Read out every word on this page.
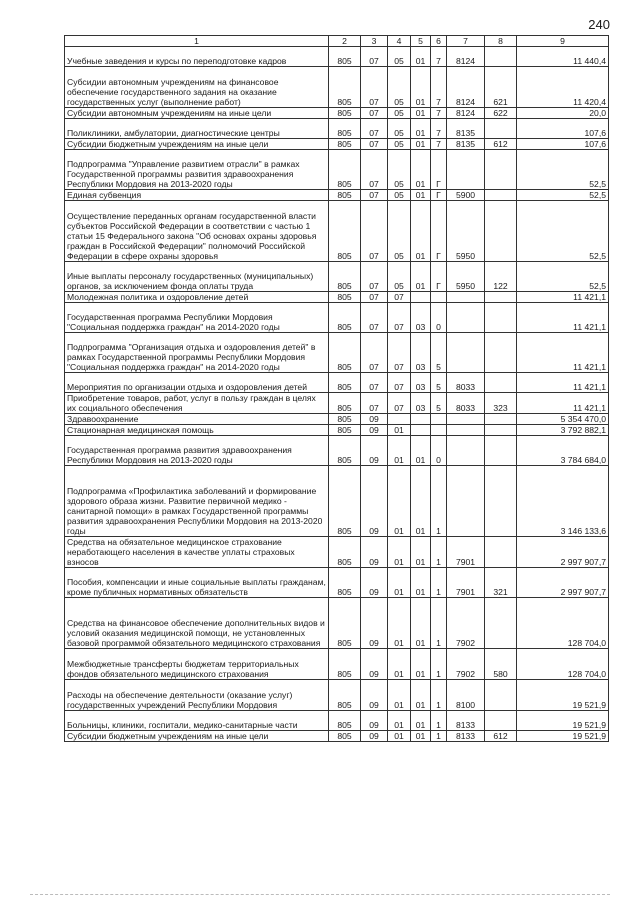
240
1	2	3	4	5	6	7	8	9
Учебные заведения и курсы по переподготовке кадров	805	07	05	01	7	8124		11 440,4
Субсидии автономным учреждениям на финансовое обеспечение государственного задания на оказание государственных услуг (выполнение работ)	805	07	05	01	7	8124	621	11 420,4
Субсидии автономным учреждениям на иные цели	805	07	05	01	7	8124	622	20,0
Поликлиники, амбулатории, диагностические центры	805	07	05	01	7	8135		107,6
Субсидии бюджетным учреждениям на иные цели	805	07	05	01	7	8135	612	107,6
Подпрограмма "Управление развитием отрасли" в рамках Государственной программы развития здравоохранения Республики Мордовия на 2013-2020 годы	805	07	05	01	Г			52,5
Единая субвенция	805	07	05	01	Г	5900		52,5
Осуществление переданных органам государственной власти субъектов Российской Федерации в соответствии с частью 1 статьи 15 Федерального закона "Об основах охраны здоровья граждан в Российской Федерации" полномочий Российской Федерации в сфере охраны здоровья	805	07	05	01	Г	5950		52,5
Иные выплаты персоналу государственных (муниципальных) органов, за исключением фонда оплаты труда	805	07	05	01	Г	5950	122	52,5
Молодежная политика и оздоровление детей	805	07	07					11 421,1
Государственная программа Республики Мордовия "Социальная поддержка граждан" на 2014-2020 годы	805	07	07	03	0			11 421,1
Подпрограмма "Организация отдыха и оздоровления детей" в рамках Государственной программы Республики Мордовия "Социальная поддержка граждан" на 2014-2020 годы	805	07	07	03	5			11 421,1
Мероприятия по организации отдыха и оздоровления детей	805	07	07	03	5	8033		11 421,1
Приобретение товаров, работ, услуг в пользу граждан в целях их социального обеспечения	805	07	07	03	5	8033	323	11 421,1
Здравоохранение	805	09						5 354 470,0
Стационарная медицинская помощь	805	09	01					3 792 882,1
Государственная программа развития здравоохранения Республики Мордовия на 2013-2020 годы	805	09	01	01	0			3 784 684,0
Подпрограмма «Профилактика заболеваний и формирование здорового образа жизни. Развитие первичной медико - санитарной помощи» в рамках Государственной программы развития здравоохранения Республики Мордовия на 2013-2020 годы	805	09	01	01	1			3 146 133,6
Средства на обязательное медицинское страхование неработающего населения в качестве уплаты страховых взносов	805	09	01	01	1	7901		2 997 907,7
Пособия, компенсации и иные социальные выплаты гражданам, кроме публичных нормативных обязательств	805	09	01	01	1	7901	321	2 997 907,7
Средства на финансовое обеспечение дополнительных видов и условий оказания медицинской помощи, не установленных базовой программой обязательного медицинского страхования	805	09	01	01	1	7902		128 704,0
Межбюджетные трансферты бюджетам территориальных фондов обязательного медицинского страхования	805	09	01	01	1	7902	580	128 704,0
Расходы на обеспечение деятельности (оказание услуг) государственных учреждений Республики Мордовия	805	09	01	01	1	8100		19 521,9
Больницы, клиники, госпитали, медико-санитарные части	805	09	01	01	1	8133		19 521,9
Субсидии бюджетным учреждениям на иные цели	805	09	01	01	1	8133	612	19 521,9
